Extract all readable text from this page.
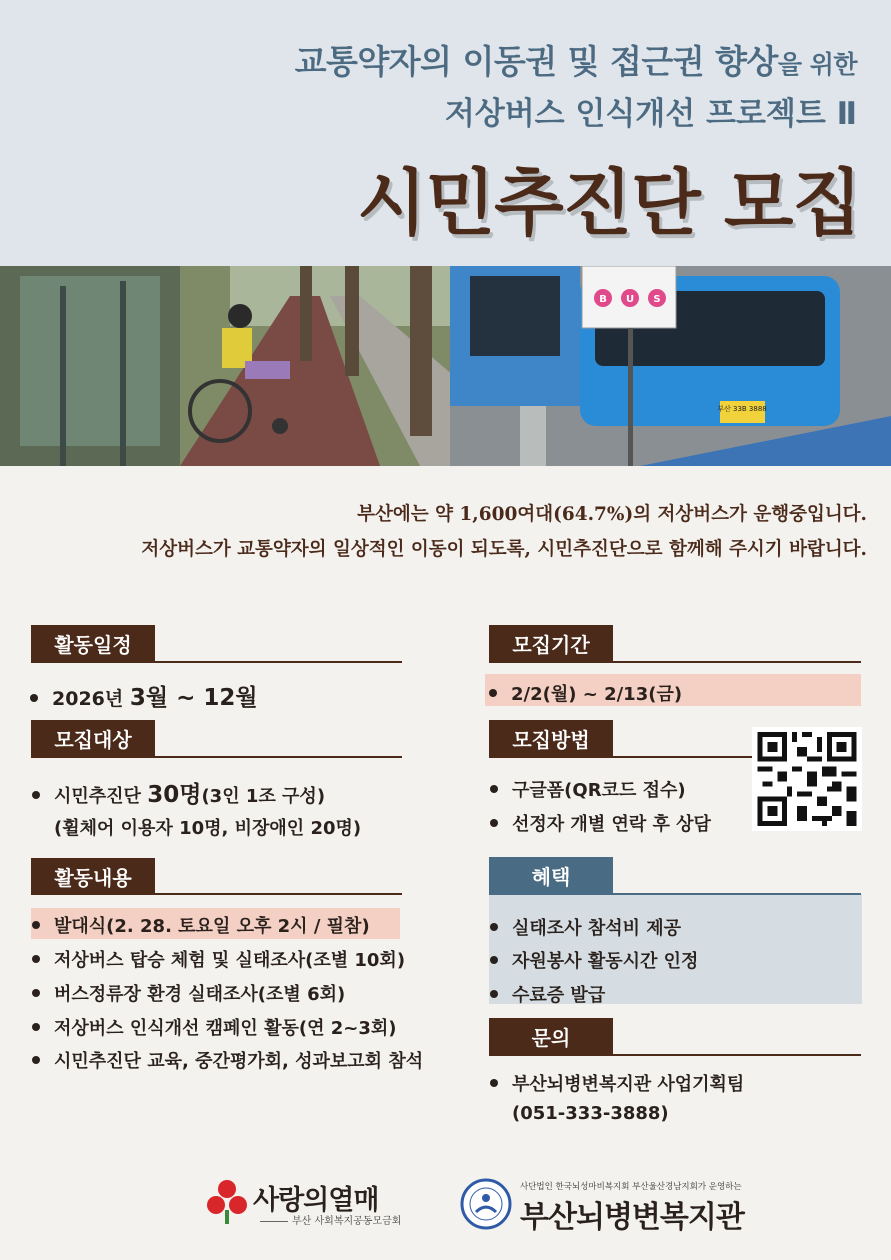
교통약자의 이동권 및 접근권 향상을 위한
저상버스 인식개선 프로젝트 Ⅱ
시민추진단 모집
부산 33B 3888
B U S
부산에는 약 1,600여대(64.7%)의 저상버스가 운행중입니다.
저상버스가 교통약자의 일상적인 이동이 되도록, 시민추진단으로 함께해 주시기 바랍니다.
활동일정
2026년 3월 ~ 12월
모집대상
시민추진단 30명(3인 1조 구성)
(휠체어 이용자 10명, 비장애인 20명)
활동내용
발대식(2. 28. 토요일 오후 2시 / 필참)
저상버스 탑승 체험 및 실태조사(조별 10회)
버스정류장 환경 실태조사(조별 6회)
저상버스 인식개선 캠페인 활동(연 2~3회)
시민추진단 교육, 중간평가회, 성과보고회 참석
모집기간
2/2(월) ~ 2/13(금)
모집방법
구글폼(QR코드 접수)
선정자 개별 연락 후 상담
혜택
실태조사 참석비 제공
자원봉사 활동시간 인정
수료증 발급
문의
부산뇌병변복지관 사업기획팀
(051-333-3888)
사랑의열매
부산 사회복지공동모금회
사단법인 한국뇌성마비복지회 부산울산경남지회가 운영하는
부산뇌병변복지관
